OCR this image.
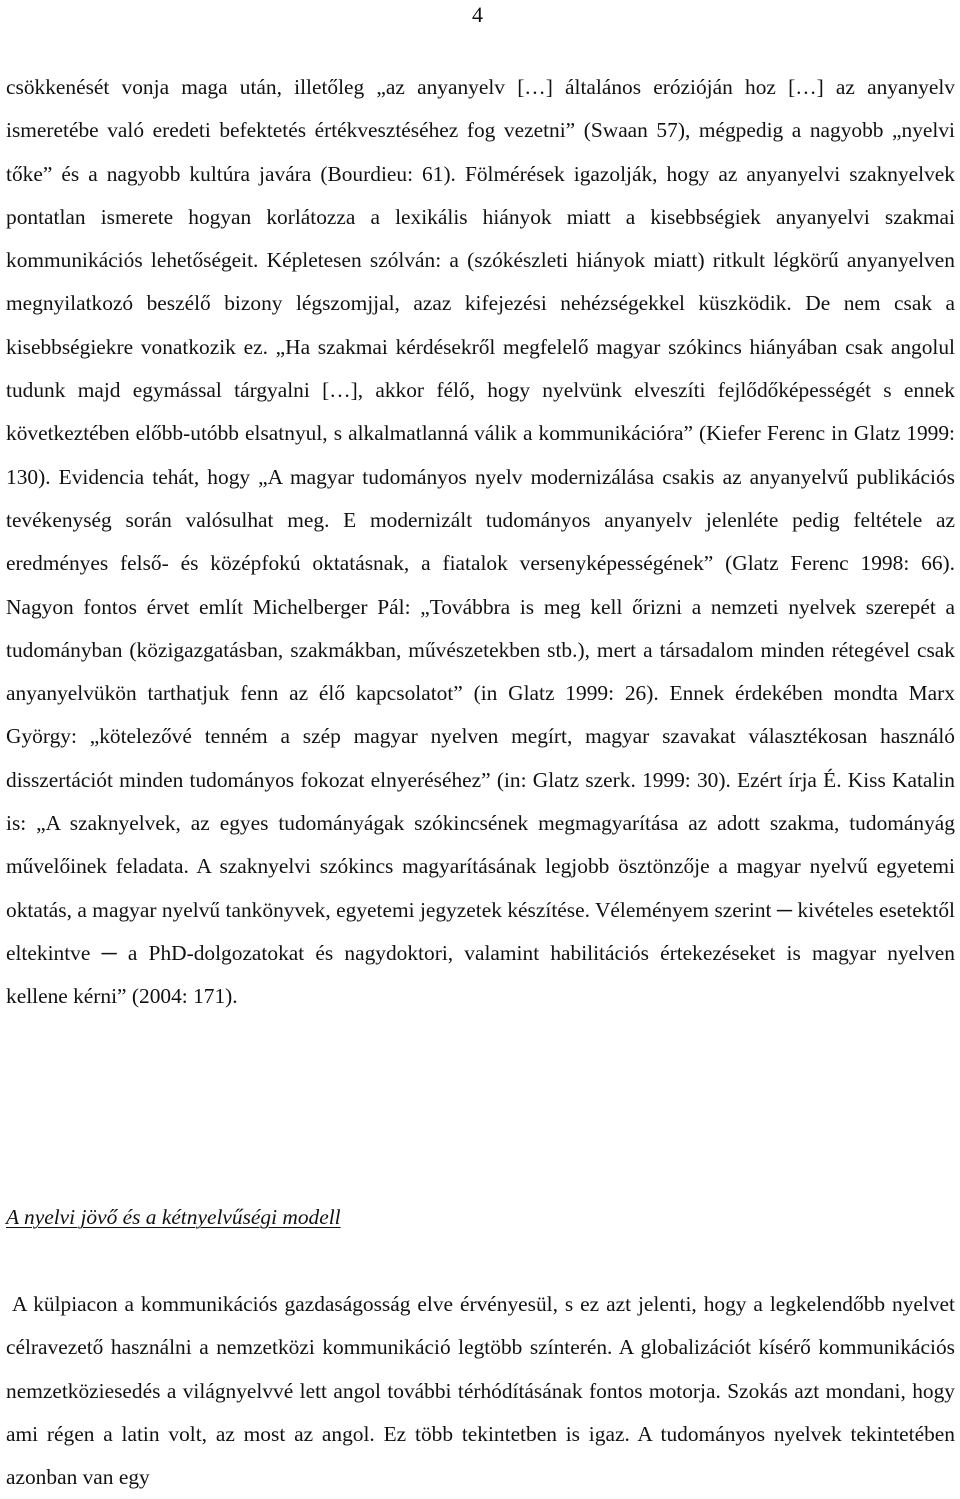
4

csökkenését vonja maga után, illetőleg „az anyanyelv […] általános erózióján hoz […] az anyanyelv ismeretébe való eredeti befektetés értékvesztéséhez fog vezetni” (Swaan 57), mégpedig a nagyobb „nyelvi tőke” és a nagyobb kultúra javára (Bourdieu: 61). Fölmérések igazolják, hogy az anyanyelvi szaknyelvek pontatlan ismerete hogyan korlátozza a lexikális hiányok miatt a kisebbségiek anyanyelvi szakmai kommunikációs lehetőségeit. Képletesen szólván: a (szókészleti hiányok miatt) ritkult légkörű anyanyelven megnyilatkozó beszélő bizony légszomjjal, azaz kifejezési nehézségekkel küszködik. De nem csak a kisebbségiekre vonatkozik ez. „Ha szakmai kérdésekről megfelelő magyar szókincs hiányában csak angolul tudunk majd egymással tárgyalni […], akkor félő, hogy nyelvünk elveszíti fejlődőképességét s ennek következtében előbb-utóbb elsatnyul, s alkalmatlanná válik a kommunikációra” (Kiefer Ferenc in Glatz 1999: 130). Evidencia tehát, hogy „A magyar tudományos nyelv modernizálása csakis az anyanyelvű publikációs tevékenység során valósulhat meg. E modernizált tudományos anyanyelv jelenléte pedig feltétele az eredményes felső- és középfokú oktatásnak, a fiatalok versenyképességének” (Glatz Ferenc 1998: 66). Nagyon fontos érvet említ Michelberger Pál: „Továbbra is meg kell őrizni a nemzeti nyelvek szerepét a tudományban (közigazgatásban, szakmákban, művészetekben stb.), mert a társadalom minden rétegével csak anyanyelvükön tarthatjuk fenn az élő kapcsolatot” (in Glatz 1999: 26). Ennek érdekében mondta Marx György: „kötelezővé tenném a szép magyar nyelven megírt, magyar szavakat választékosan használó disszertációt minden tudományos fokozat elnyeréséhez” (in: Glatz szerk. 1999: 30). Ezért írja É. Kiss Katalin is: „A szaknyelvek, az egyes tudományágak szókincsének megmagyarítása az adott szakma, tudományág művelőinek feladata. A szaknyelvi szókincs magyarításának legjobb ösztönzője a magyar nyelvű egyetemi oktatás, a magyar nyelvű tankönyvek, egyetemi jegyzetek készítése. Véleményem szerint ─ kivételes esetektől eltekintve ─ a PhD-dolgozatokat és nagydoktori, valamint habilitációs értekezéseket is magyar nyelven kellene kérni” (2004: 171).

A nyelvi jövő és a kétnyelvűségi modell

A külpiacon a kommunikációs gazdaságosság elve érvényesül, s ez azt jelenti, hogy a legkelendőbb nyelvet célravezető használni a nemzetközi kommunikáció legtöbb színterén. A globalizációt kísérő kommunikációs nemzetköziesedés a világnyelvvé lett angol további térhódításának fontos motorja. Szokás azt mondani, hogy ami régen a latin volt, az most az angol. Ez több tekintetben is igaz. A tudományos nyelvek tekintetében azonban van egy
